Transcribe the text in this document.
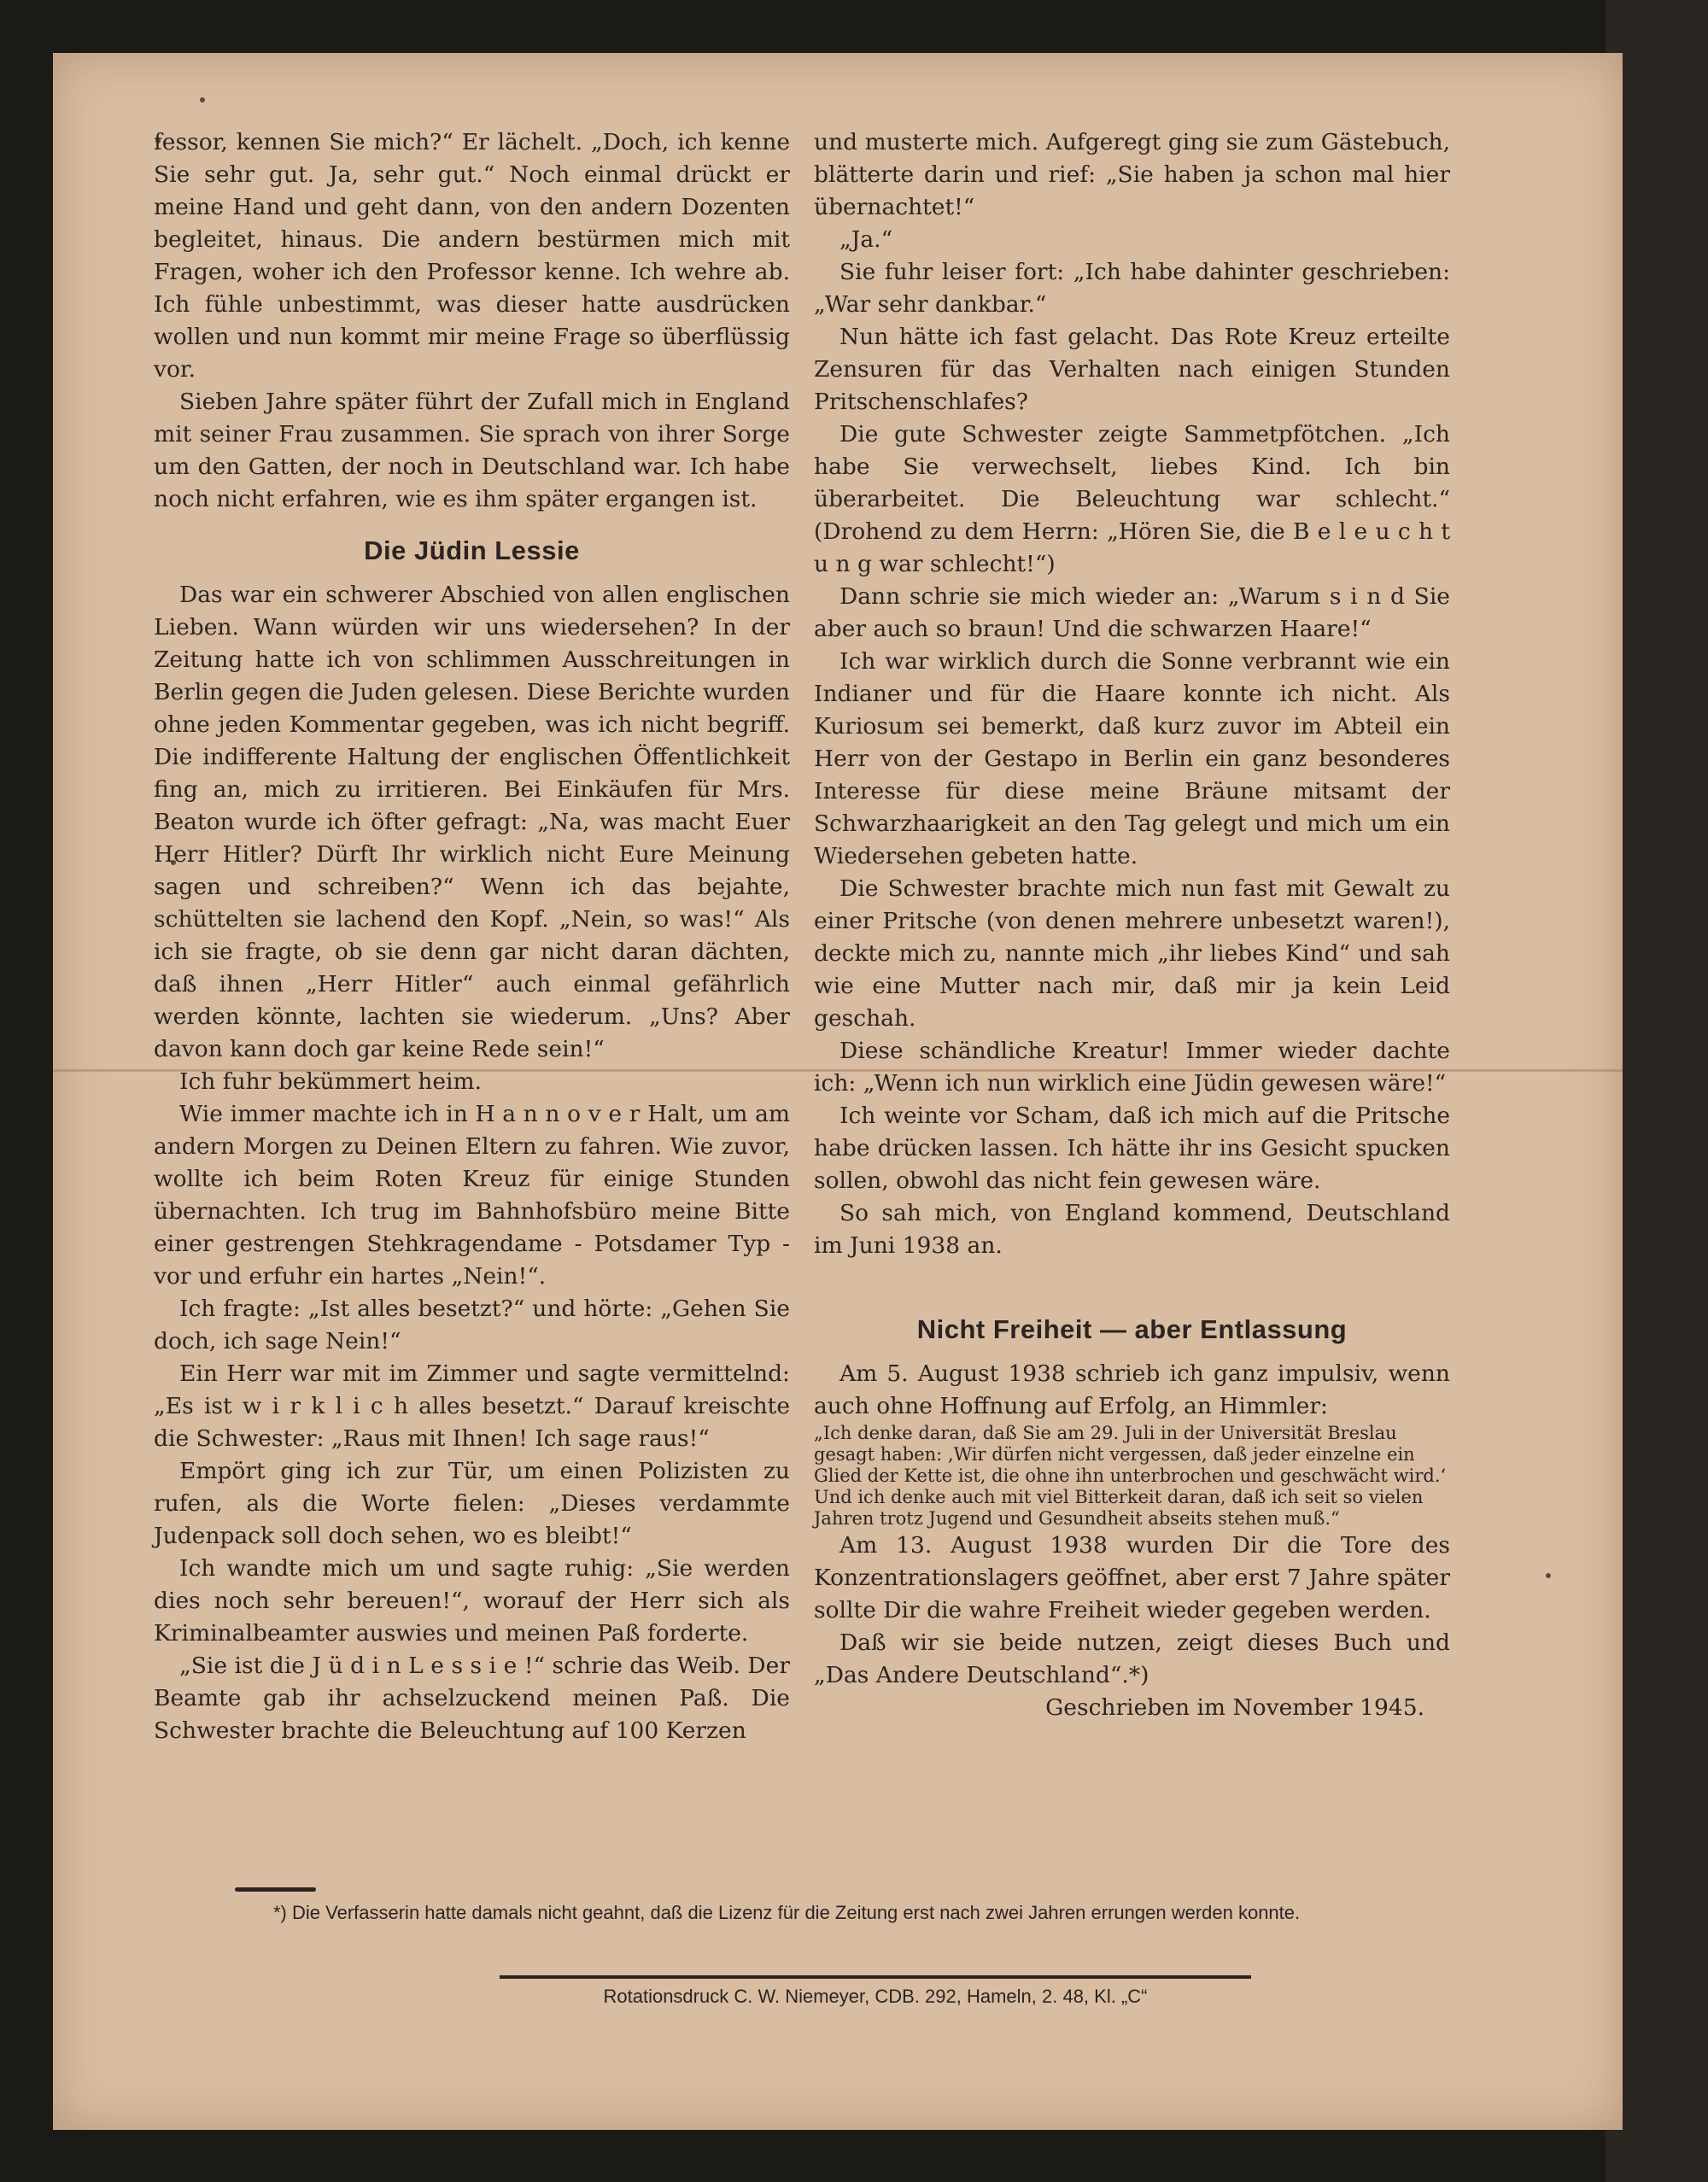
fessor, kennen Sie mich?“ Er lächelt. „Doch, ich kenne Sie sehr gut. Ja, sehr gut.“ Noch einmal drückt er meine Hand und geht dann, von den andern Dozenten begleitet, hinaus. Die andern bestürmen mich mit Fragen, woher ich den Professor kenne. Ich wehre ab. Ich fühle unbestimmt, was dieser hatte ausdrücken wollen und nun kommt mir meine Frage so überflüssig vor.

Sieben Jahre später führt der Zufall mich in England mit seiner Frau zusammen. Sie sprach von ihrer Sorge um den Gatten, der noch in Deutschland war. Ich habe noch nicht erfahren, wie es ihm später ergangen ist.

Die Jüdin Lessie

Das war ein schwerer Abschied von allen englischen Lieben. Wann würden wir uns wiedersehen? In der Zeitung hatte ich von schlimmen Ausschreitungen in Berlin gegen die Juden gelesen. Diese Berichte wurden ohne jeden Kommentar gegeben, was ich nicht begriff. Die indifferente Haltung der englischen Öffentlichkeit fing an, mich zu irritieren. Bei Einkäufen für Mrs. Beaton wurde ich öfter gefragt: „Na, was macht Euer Herr Hitler? Dürft Ihr wirklich nicht Eure Meinung sagen und schreiben?“ Wenn ich das bejahte, schüttelten sie lachend den Kopf. „Nein, so was!“ Als ich sie fragte, ob sie denn gar nicht daran dächten, daß ihnen „Herr Hitler“ auch einmal gefährlich werden könnte, lachten sie wiederum. „Uns? Aber davon kann doch gar keine Rede sein!“

Ich fuhr bekümmert heim.

Wie immer machte ich in H a n n o v e r Halt, um am andern Morgen zu Deinen Eltern zu fahren. Wie zuvor, wollte ich beim Roten Kreuz für einige Stunden übernachten. Ich trug im Bahnhofsbüro meine Bitte einer gestrengen Stehkragendame - Potsdamer Typ - vor und erfuhr ein hartes „Nein!“.

Ich fragte: „Ist alles besetzt?“ und hörte: „Gehen Sie doch, ich sage Nein!“

Ein Herr war mit im Zimmer und sagte vermittelnd: „Es ist w i r k l i c h alles besetzt.“ Darauf kreischte die Schwester: „Raus mit Ihnen! Ich sage raus!“

Empört ging ich zur Tür, um einen Polizisten zu rufen, als die Worte fielen: „Dieses verdammte Judenpack soll doch sehen, wo es bleibt!“

Ich wandte mich um und sagte ruhig: „Sie werden dies noch sehr bereuen!“, worauf der Herr sich als Kriminalbeamter auswies und meinen Paß forderte.

„Sie ist die J ü d i n L e s s i e !“ schrie das Weib. Der Beamte gab ihr achselzuckend meinen Paß. Die Schwester brachte die Beleuchtung auf 100 Kerzen

und musterte mich. Aufgeregt ging sie zum Gästebuch, blätterte darin und rief: „Sie haben ja schon mal hier übernachtet!“

„Ja.“

Sie fuhr leiser fort: „Ich habe dahinter geschrieben: „War sehr dankbar.“

Nun hätte ich fast gelacht. Das Rote Kreuz erteilte Zensuren für das Verhalten nach einigen Stunden Pritschenschlafes?

Die gute Schwester zeigte Sammetpfötchen. „Ich habe Sie verwechselt, liebes Kind. Ich bin überarbeitet. Die Beleuchtung war schlecht.“ (Drohend zu dem Herrn: „Hören Sie, die B e l e u c h t u n g war schlecht!“)

Dann schrie sie mich wieder an: „Warum s i n d Sie aber auch so braun! Und die schwarzen Haare!“

Ich war wirklich durch die Sonne verbrannt wie ein Indianer und für die Haare konnte ich nicht. Als Kuriosum sei bemerkt, daß kurz zuvor im Abteil ein Herr von der Gestapo in Berlin ein ganz besonderes Interesse für diese meine Bräune mitsamt der Schwarzhaarigkeit an den Tag gelegt und mich um ein Wiedersehen gebeten hatte.

Die Schwester brachte mich nun fast mit Gewalt zu einer Pritsche (von denen mehrere unbesetzt waren!), deckte mich zu, nannte mich „ihr liebes Kind“ und sah wie eine Mutter nach mir, daß mir ja kein Leid geschah.

Diese schändliche Kreatur! Immer wieder dachte ich: „Wenn ich nun wirklich eine Jüdin gewesen wäre!“

Ich weinte vor Scham, daß ich mich auf die Pritsche habe drücken lassen. Ich hätte ihr ins Gesicht spucken sollen, obwohl das nicht fein gewesen wäre.

So sah mich, von England kommend, Deutschland im Juni 1938 an.

Nicht Freiheit — aber Entlassung

Am 5. August 1938 schrieb ich ganz impulsiv, wenn auch ohne Hoffnung auf Erfolg, an Himmler:

„Ich denke daran, daß Sie am 29. Juli in der Universität Breslau gesagt haben: ‚Wir dürfen nicht vergessen, daß jeder einzelne ein Glied der Kette ist, die ohne ihn unterbrochen und geschwächt wird.‘ Und ich denke auch mit viel Bitterkeit daran, daß ich seit so vielen Jahren trotz Jugend und Gesundheit abseits stehen muß.“

Am 13. August 1938 wurden Dir die Tore des Konzentrationslagers geöffnet, aber erst 7 Jahre später sollte Dir die wahre Freiheit wieder gegeben werden.

Daß wir sie beide nutzen, zeigt dieses Buch und „Das Andere Deutschland“.*)

Geschrieben im November 1945.

*) Die Verfasserin hatte damals nicht geahnt, daß die Lizenz für die Zeitung erst nach zwei Jahren errungen werden konnte.
Rotationsdruck C. W. Niemeyer, CDB. 292, Hameln, 2. 48, Kl. „C“
